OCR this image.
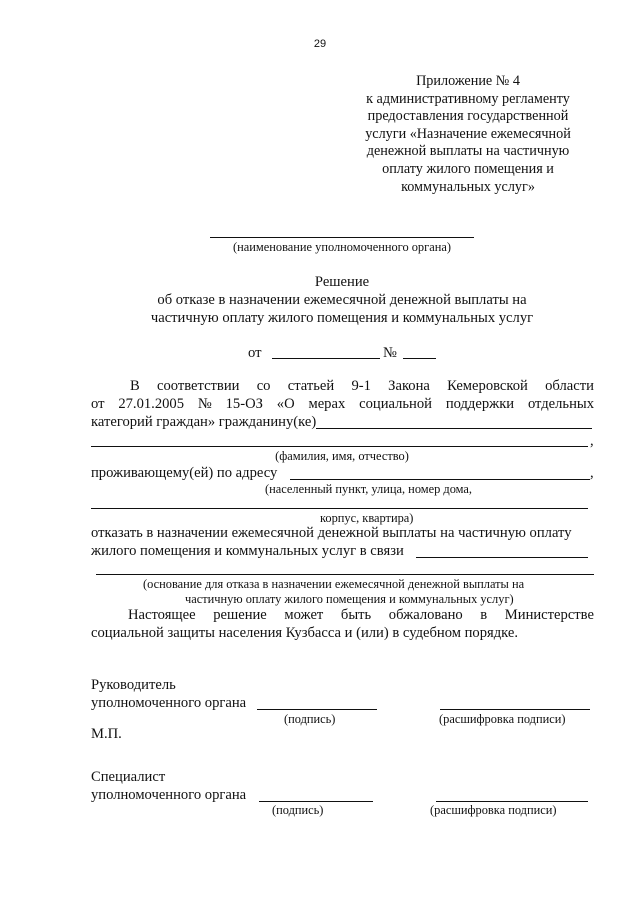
29
Приложение № 4
к административному регламенту
предоставления государственной
услуги «Назначение ежемесячной
денежной выплаты на частичную
оплату жилого помещения и
коммунальных услуг»
(наименование уполномоченного органа)
Решение
об отказе в назначении ежемесячной денежной выплаты на
частичную оплату жилого помещения и коммунальных услуг
от	№
В соответствии со статьей 9-1 Закона Кемеровской области
от 27.01.2005 № 15-ОЗ «О мерах социальной поддержки отдельных
категорий граждан» гражданину(ке)
,
(фамилия, имя, отчество)
проживающему(ей) по адресу	,
(населенный пункт, улица, номер дома,
корпус, квартира)
отказать в назначении ежемесячной денежной выплаты на частичную оплату
жилого помещения и коммунальных услуг в связи
(основание для отказа в назначении ежемесячной денежной выплаты на
частичную оплату жилого помещения и коммунальных услуг)
Настоящее решение может быть обжаловано в Министерстве
социальной защиты населения Кузбасса и (или) в судебном порядке.
Руководитель
уполномоченного органа
(подпись)	(расшифровка подписи)
М.П.
Специалист
уполномоченного органа
(подпись)	(расшифровка подписи)
